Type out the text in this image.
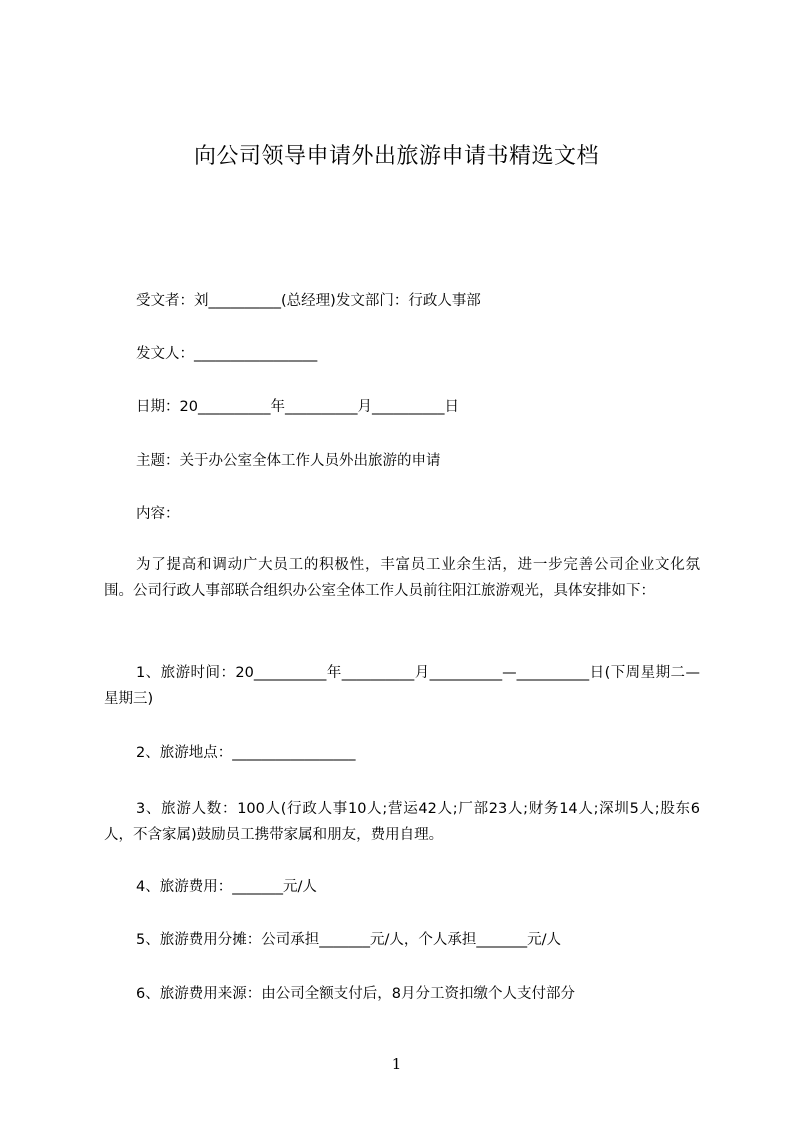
向公司领导申请外出旅游申请书精选文档
受文者：刘__________(总经理)发文部门：行政人事部
发文人：_________________
日期：20__________年__________月__________日
主题：关于办公室全体工作人员外出旅游的申请
内容：
为了提高和调动广大员工的积极性，丰富员工业余生活，进一步完善公司企业文化氛围。公司行政人事部联合组织办公室全体工作人员前往阳江旅游观光，具体安排如下：
1、旅游时间：20__________年__________月__________—__________日(下周星期二—星期三)
2、旅游地点：_________________
3、旅游人数：100人(行政人事10人;营运42人;厂部23人;财务14人;深圳5人;股东6人，不含家属)鼓励员工携带家属和朋友，费用自理。
4、旅游费用：_______元/人
5、旅游费用分摊：公司承担_______元/人，个人承担_______元/人
6、旅游费用来源：由公司全额支付后，8月分工资扣缴个人支付部分
1
